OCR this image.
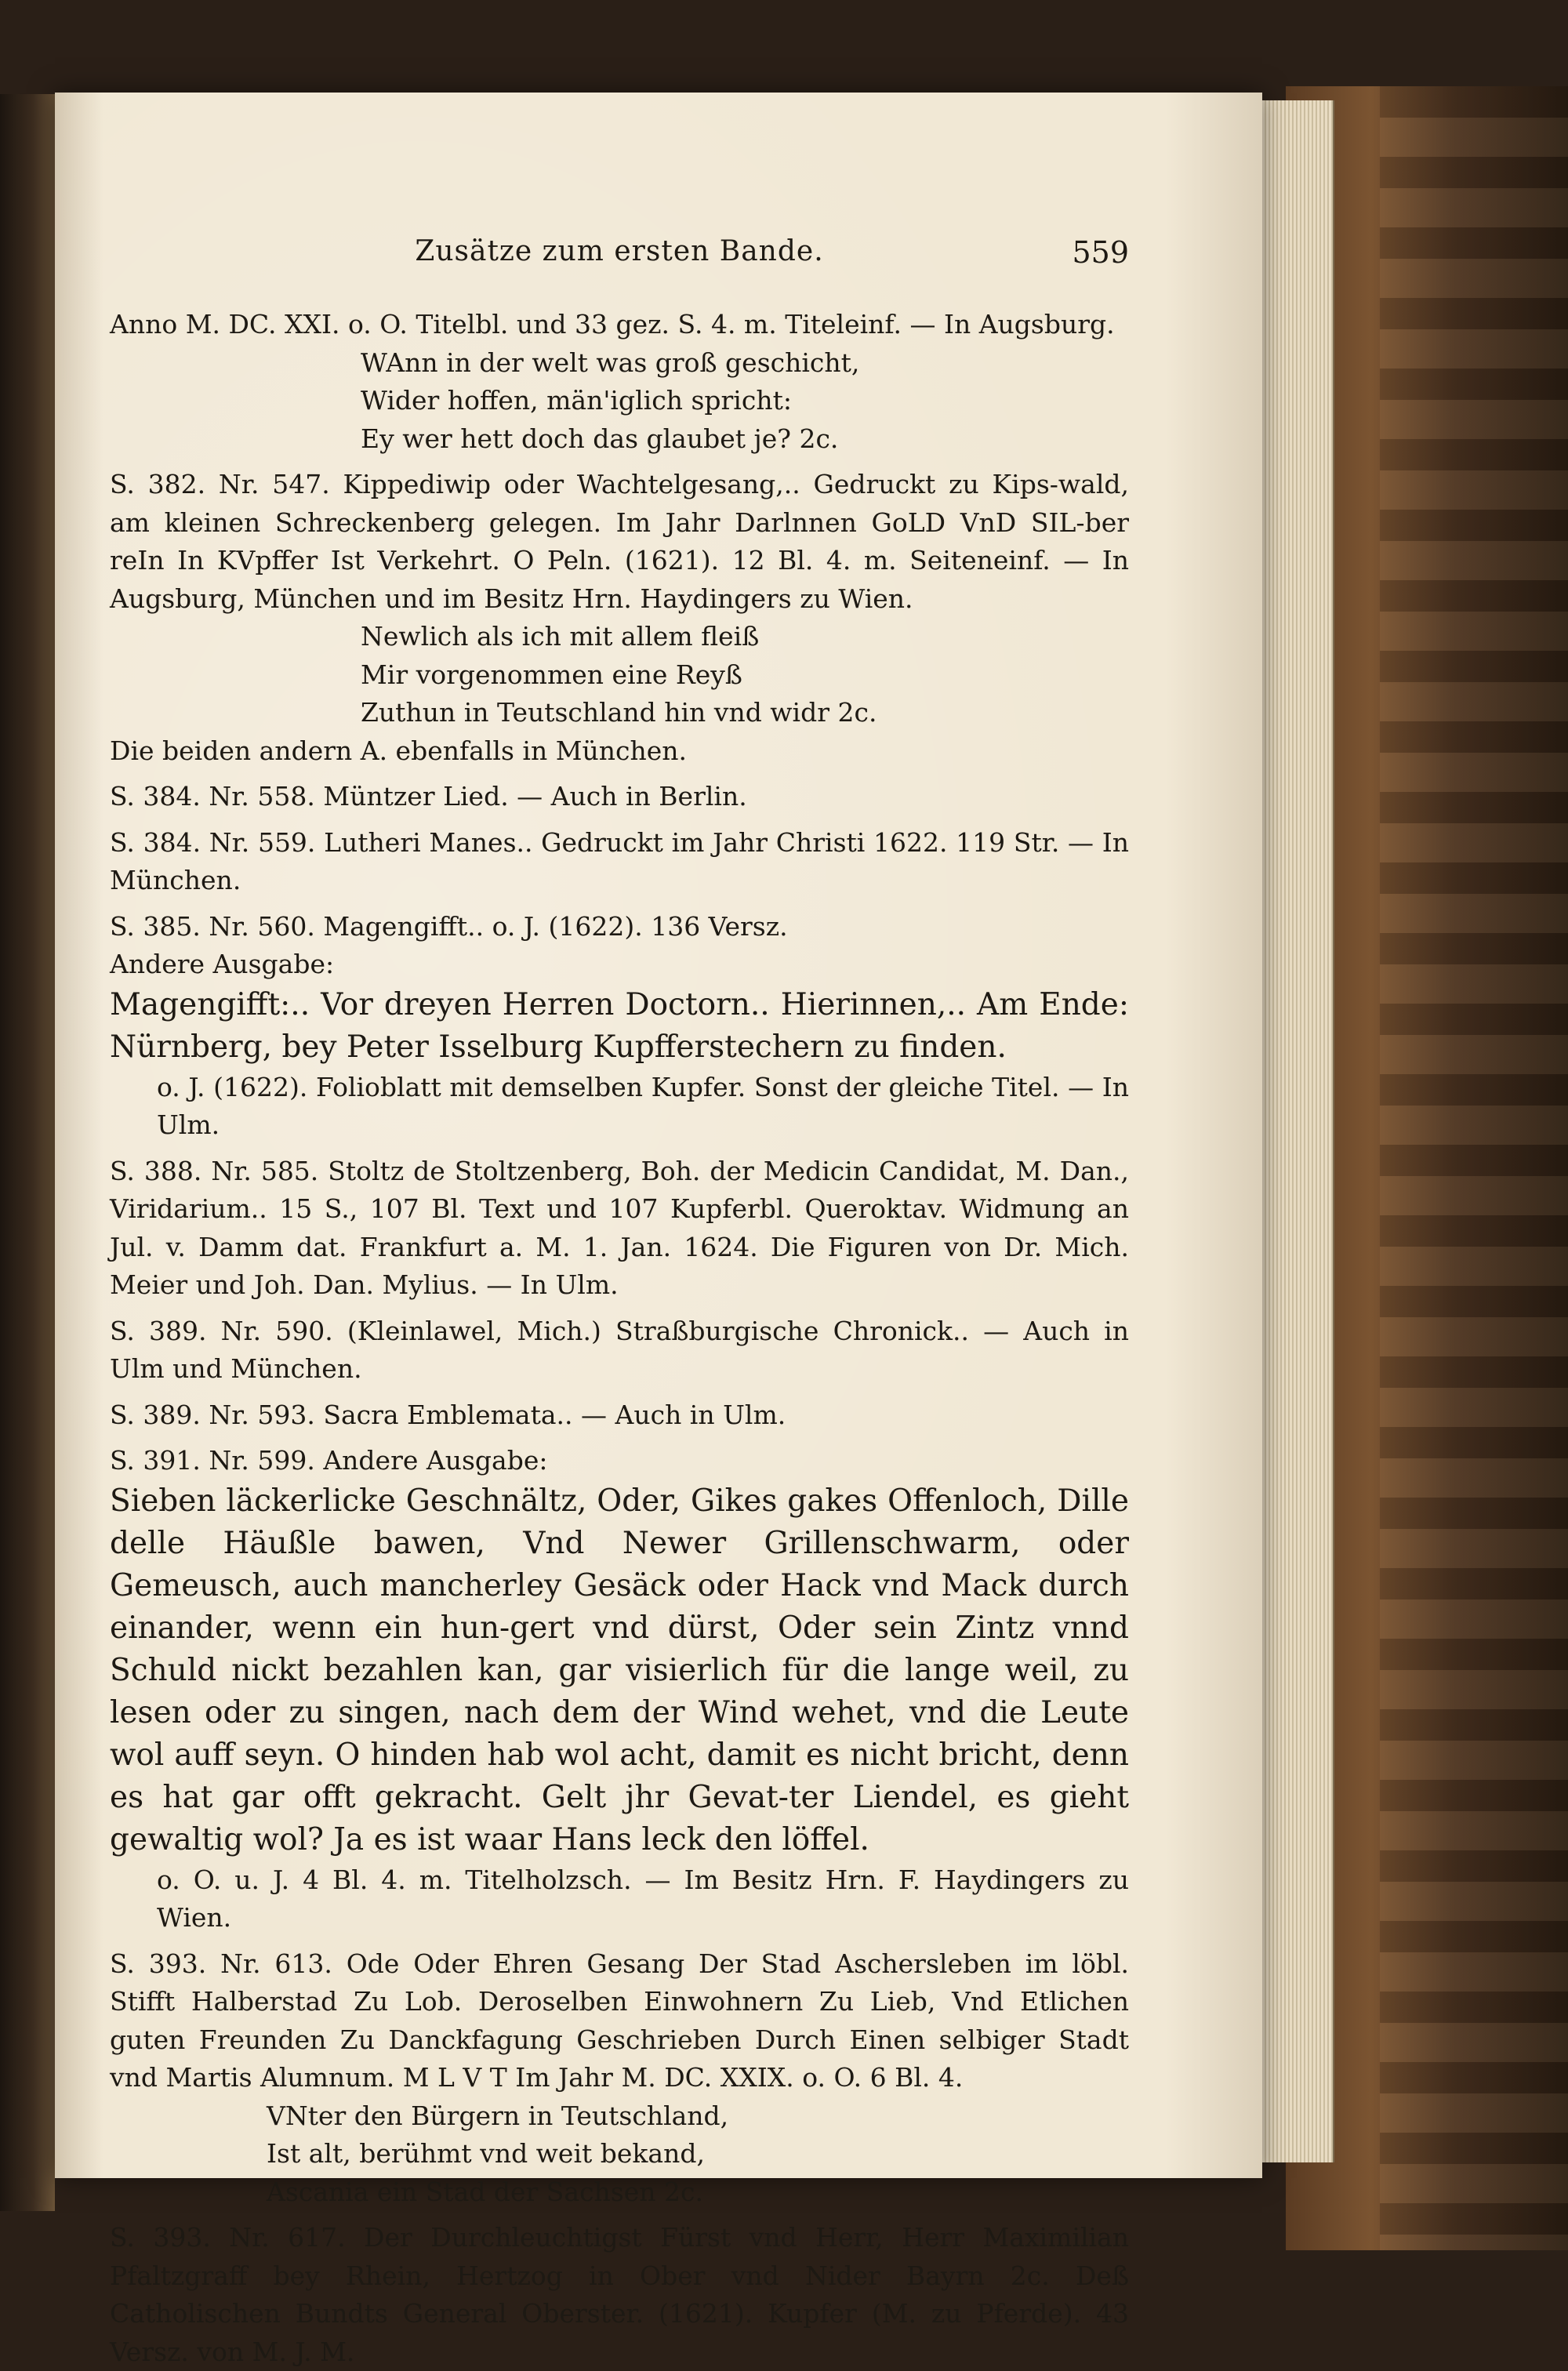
Zusätze zum ersten Bande.	559

Anno M. DC. XXI. o. O. Titelbl. und 33 gez. S. 4. m. Titeleinf. — In Augsburg.

WAnn in der welt was groß geschicht,

Wider hoffen, män'iglich spricht:

Ey wer hett doch das glaubet je? 2c.

S. 382. Nr. 547. Kippediwip oder Wachtelgesang,.. Gedruckt zu Kips-wald, am kleinen Schreckenberg gelegen. Im Jahr Darlnnen GoLD VnD SIL-ber reIn In KVpffer Ist Verkehrt. O Peln. (1621). 12 Bl. 4. m. Seiteneinf. — In Augsburg, München und im Besitz Hrn. Haydingers zu Wien.

Newlich als ich mit allem fleiß

Mir vorgenommen eine Reyß

Zuthun in Teutschland hin vnd widr 2c.

Die beiden andern A. ebenfalls in München.

S. 384. Nr. 558. Müntzer Lied. — Auch in Berlin.

S. 384. Nr. 559. Lutheri Manes.. Gedruckt im Jahr Christi 1622. 119 Str. — In München.

S. 385. Nr. 560. Magengifft.. o. J. (1622). 136 Versz.

Andere Ausgabe:

Magengifft:.. Vor dreyen Herren Doctorn.. Hierinnen,.. Am Ende: Nürnberg, bey Peter Isselburg Kupfferstechern zu finden.

o. J. (1622). Folioblatt mit demselben Kupfer. Sonst der gleiche Titel. — In Ulm.

S. 388. Nr. 585. Stoltz de Stoltzenberg, Boh. der Medicin Candidat, M. Dan., Viridarium.. 15 S., 107 Bl. Text und 107 Kupferbl. Queroktav. Widmung an Jul. v. Damm dat. Frankfurt a. M. 1. Jan. 1624. Die Figuren von Dr. Mich. Meier und Joh. Dan. Mylius. — In Ulm.

S. 389. Nr. 590. (Kleinlawel, Mich.) Straßburgische Chronick.. — Auch in Ulm und München.

S. 389. Nr. 593. Sacra Emblemata.. — Auch in Ulm.

S. 391. Nr. 599. Andere Ausgabe:

Sieben läckerlicke Geschnältz, Oder, Gikes gakes Offenloch, Dille delle Häußle bawen, Vnd Newer Grillenschwarm, oder Gemeusch, auch mancherley Gesäck oder Hack vnd Mack durch einander, wenn ein hun-gert vnd dürst, Oder sein Zintz vnnd Schuld nickt bezahlen kan, gar visierlich für die lange weil, zu lesen oder zu singen, nach dem der Wind wehet, vnd die Leute wol auff seyn. O hinden hab wol acht, damit es nicht bricht, denn es hat gar offt gekracht. Gelt jhr Gevat-ter Liendel, es gieht gewaltig wol? Ja es ist waar Hans leck den löffel.

o. O. u. J. 4 Bl. 4. m. Titelholzsch. — Im Besitz Hrn. F. Haydingers zu Wien.

S. 393. Nr. 613. Ode Oder Ehren Gesang Der Stad Aschersleben im löbl. Stifft Halberstad Zu Lob. Deroselben Einwohnern Zu Lieb, Vnd Etlichen guten Freunden Zu Danckfagung Geschrieben Durch Einen selbiger Stadt vnd Martis Alumnum. M L V T Im Jahr M. DC. XXIX. o. O. 6 Bl. 4.

VNter den Bürgern in Teutschland,

Ist alt, berühmt vnd weit bekand,

Ascania ein Stad der Sachsen 2c.

S. 393. Nr. 617. Der Durchleuchtigst Fürst vnd Herr, Herr Maximilian Pfaltzgraff bey Rhein, Hertzog in Ober vnd Nider Bayrn 2c. Deß Catholischen Bundts General Oberster. (1621). Kupfer (M. zu Pferde). 43 Versz. von M. J. M.
